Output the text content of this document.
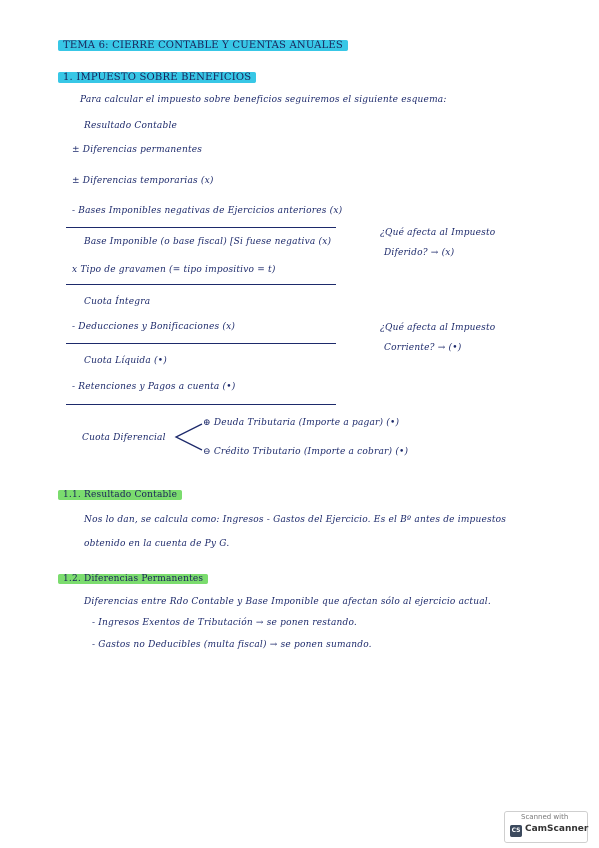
TEMA 6: CIERRE CONTABLE Y CUENTAS ANUALES
1. IMPUESTO SOBRE BENEFICIOS
Para calcular el impuesto sobre beneficios seguiremos el siguiente esquema:
Resultado Contable
± Diferencias permanentes
± Diferencias temporarias (x)
- Bases Imponibles negativas de Ejercicios anteriores (x)
Base Imponible (o base fiscal) [Si fuese negativa (x)
x Tipo de gravamen (= tipo impositivo = t)
Cuota Íntegra
- Deducciones y Bonificaciones (x)
Cuota Líquida (•)
- Retenciones y Pagos a cuenta (•)
¿Qué afecta al Impuesto
Diferido? → (x)
¿Qué afecta al Impuesto
Corriente? → (•)
Cuota Diferencial
⊕ Deuda Tributaria (Importe a pagar) (•)
⊖ Crédito Tributario (Importe a cobrar) (•)
1.1. Resultado Contable
Nos lo dan, se calcula como: Ingresos - Gastos del Ejercicio. Es el Bº antes de impuestos
obtenido en la cuenta de Py G.
1.2. Diferencias Permanentes
Diferencias entre Rdo Contable y Base Imponible que afectan sólo al ejercicio actual.
- Ingresos Exentos de Tributación → se ponen restando.
- Gastos no Deducibles (multa fiscal) → se ponen sumando.
Scanned with
CS CamScanner
